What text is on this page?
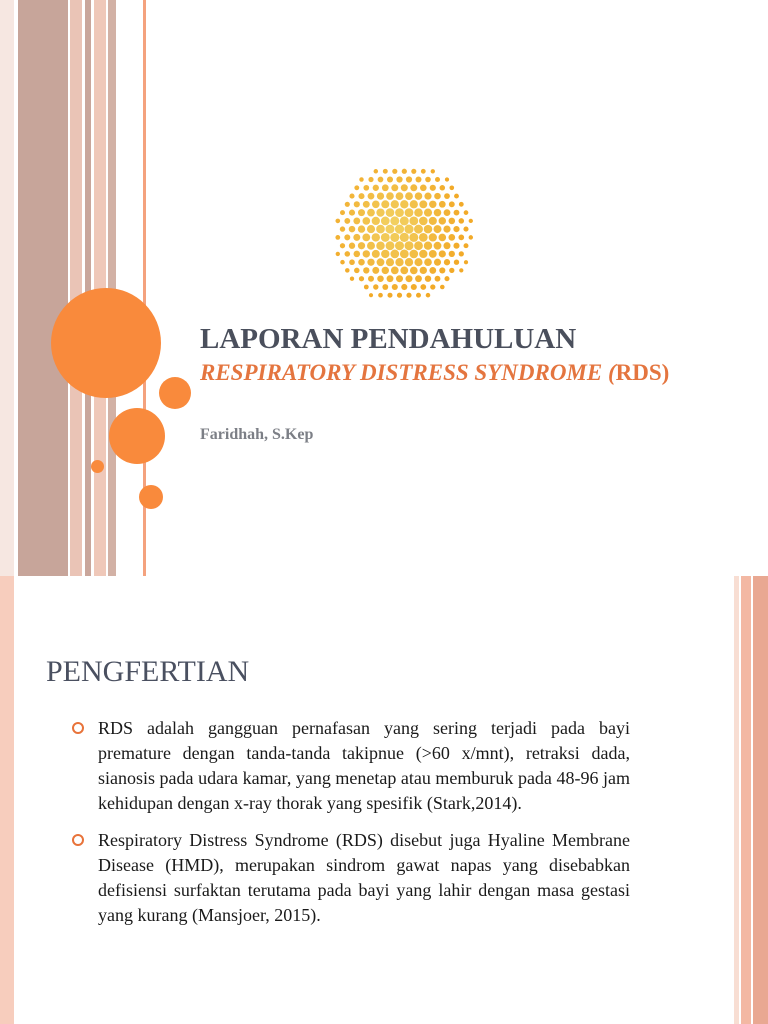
LAPORAN PENDAHULUAN

RESPIRATORY DISTRESS SYNDROME (RDS)

Faridhah, S.Kep

PENGFERTIAN
RDS adalah gangguan pernafasan yang sering terjadi pada bayi premature dengan tanda-tanda takipnue (>60 x/mnt), retraksi dada, sianosis pada udara kamar, yang menetap atau memburuk pada 48-96 jam kehidupan dengan x-ray thorak yang spesifik (Stark,2014).
Respiratory Distress Syndrome (RDS) disebut juga Hyaline Membrane Disease (HMD), merupakan sindrom gawat napas yang disebabkan defisiensi surfaktan terutama pada bayi yang lahir dengan masa gestasi yang kurang (Mansjoer, 2015).
